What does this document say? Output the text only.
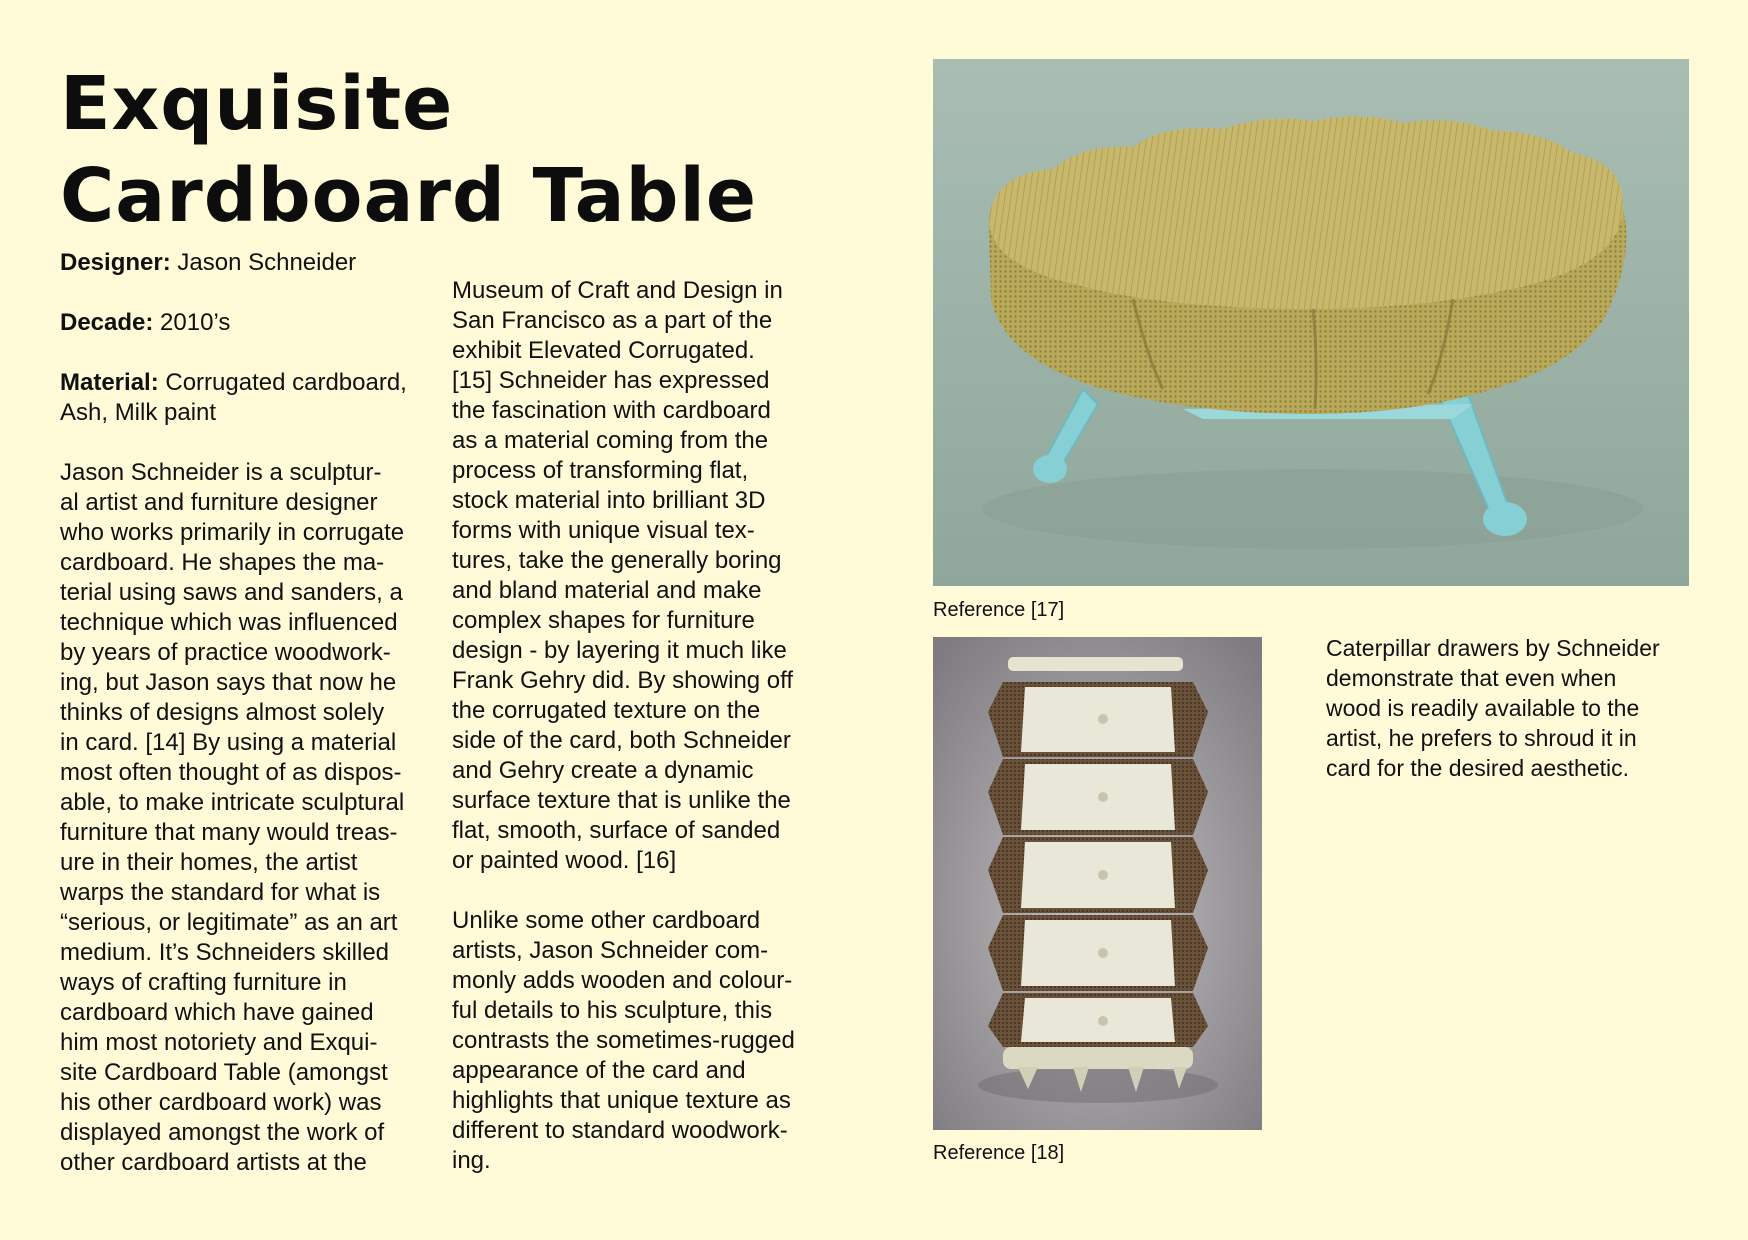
Exquisite Cardboard Table

Designer: Jason Schneider

Decade: 2010’s

Material: Corrugated cardboard, Ash, Milk paint

Jason Schneider is a sculptur-
al artist and furniture designer
who works primarily in corrugate
cardboard. He shapes the ma-
terial using saws and sanders, a
technique which was influenced
by years of practice woodwork-
ing, but Jason says that now he
thinks of designs almost solely
in card. [14] By using a material
most often thought of as dispos-
able, to make intricate sculptural
furniture that many would treas-
ure in their homes, the artist
warps the standard for what is
“serious, or legitimate” as an art
medium. It’s Schneiders skilled
ways of crafting furniture in
cardboard which have gained
him most notoriety and Exqui-
site Cardboard Table (amongst
his other cardboard work) was
displayed amongst the work of
other cardboard artists at the

Museum of Craft and Design in
San Francisco as a part of the
exhibit Elevated Corrugated.
[15] Schneider has expressed
the fascination with cardboard
as a material coming from the
process of transforming flat,
stock material into brilliant 3D
forms with unique visual tex-
tures, take the generally boring
and bland material and make
complex shapes for furniture
design - by layering it much like
Frank Gehry did. By showing off
the corrugated texture on the
side of the card, both Schneider
and Gehry create a dynamic
surface texture that is unlike the
flat, smooth, surface of sanded
or painted wood. [16]

Unlike some other cardboard
artists, Jason Schneider com-
monly adds wooden and colour-
ful details to his sculpture, this
contrasts the sometimes-rugged
appearance of the card and
highlights that unique texture as
different to standard woodwork-
ing.

Reference [17]

Reference [18]

Caterpillar drawers by Schneider
demonstrate that even when
wood is readily available to the
artist, he prefers to shroud it in
card for the desired aesthetic.
